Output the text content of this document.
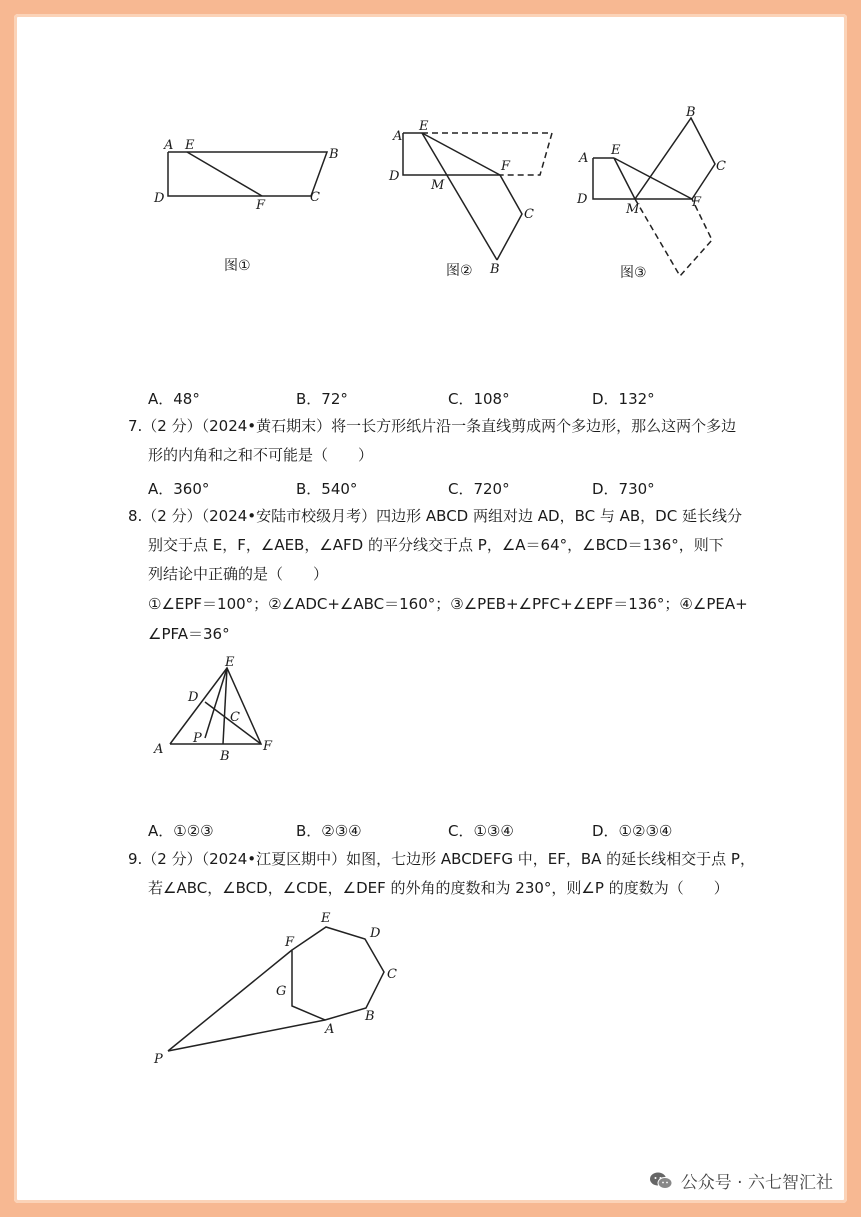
A E
B
D	F
C
A
E
D
M
F
C
B
B
A
E
C
D
M	F
图①	图②	图③
A．48°	B．72°	C．108°	D．132°
7.（2 分）（2024•黄石期末）将一长方形纸片沿一条直线剪成两个多边形，那么这两个多边
形的内角和之和不可能是（　　）
A．360°	B．540°	C．720°	D．730°
8.（2 分）（2024•安陆市校级月考）四边形 ABCD 两组对边 AD，BC 与 AB，DC 延长线分
别交于点 E，F，∠AEB，∠AFD 的平分线交于点 P，∠A＝64°，∠BCD＝136°，则下
列结论中正确的是（　　）
①∠EPF＝100°；②∠ADC+∠ABC＝160°；③∠PEB+∠PFC+∠EPF＝136°；④∠PEA+
∠PFA＝36°
E
D
C
P
A	B
F
A．①②③	B．②③④	C．①③④	D．①②③④
9.（2 分）（2024•江夏区期中）如图，七边形 ABCDEFG 中，EF，BA 的延长线相交于点 P，
若∠ABC，∠BCD，∠CDE，∠DEF 的外角的度数和为 230°，则∠P 的度数为（　　）
E
D
F
C
G
A
B
P
公众号 · 六七智汇社
